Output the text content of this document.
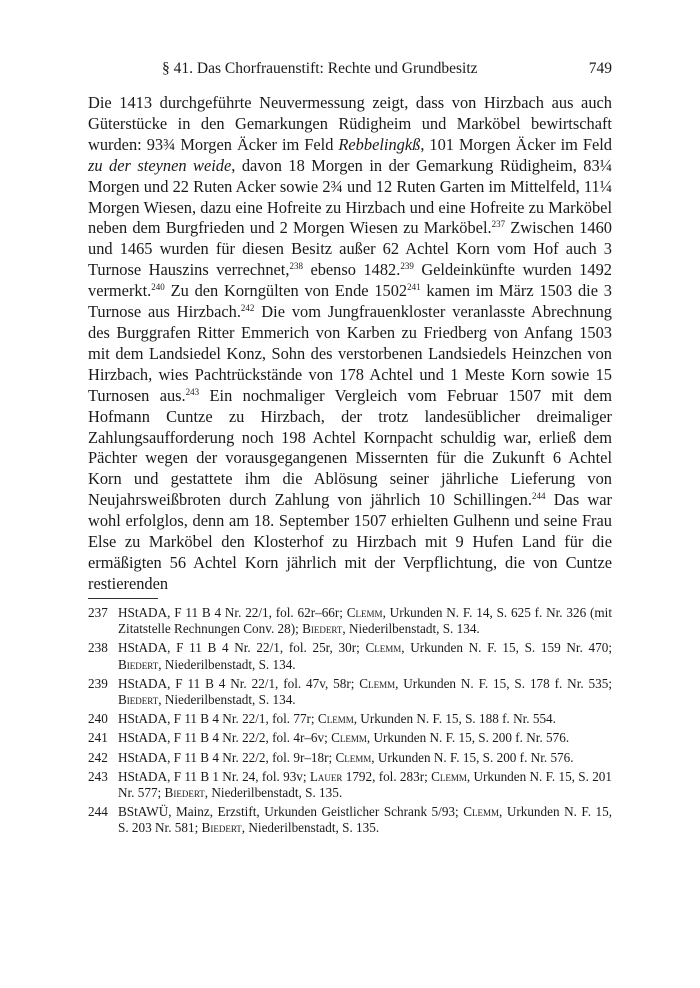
§ 41. Das Chorfrauenstift: Rechte und Grundbesitz	749

Die 1413 durchgeführte Neuvermessung zeigt, dass von Hirzbach aus auch Güterstücke in den Gemarkungen Rüdigheim und Marköbel bewirtschaft wurden: 93¾ Morgen Äcker im Feld Rebbelingkß, 101 Morgen Äcker im Feld zu der steynen weide, davon 18 Morgen in der Gemarkung Rüdigheim, 83¼ Morgen und 22 Ruten Acker sowie 2¾ und 12 Ruten Garten im Mittelfeld, 11¼ Morgen Wiesen, dazu eine Hofreite zu Hirzbach und eine Hofreite zu Marköbel neben dem Burgfrieden und 2 Morgen Wiesen zu Marköbel.$^{237}$ Zwischen 1460 und 1465 wurden für diesen Besitz außer 62 Achtel Korn vom Hof auch 3 Turnose Hauszins verrechnet,$^{238}$ ebenso 1482.$^{239}$ Geldeinkünfte wurden 1492 vermerkt.$^{240}$ Zu den Korngülten von Ende 1502$^{241}$ kamen im März 1503 die 3 Turnose aus Hirzbach.$^{242}$ Die vom Jungfrauenkloster veranlasste Abrechnung des Burggrafen Ritter Emmerich von Karben zu Friedberg von Anfang 1503 mit dem Landsiedel Konz, Sohn des verstorbenen Landsiedels Heinzchen von Hirzbach, wies Pachtrückstände von 178 Achtel und 1 Meste Korn sowie 15 Turnosen aus.$^{243}$ Ein nochmaliger Vergleich vom Februar 1507 mit dem Hofmann Cuntze zu Hirzbach, der trotz landesüblicher dreimaliger Zahlungsaufforderung noch 198 Achtel Kornpacht schuldig war, erließ dem Pächter wegen der vorausgegangenen Missernten für die Zukunft 6 Achtel Korn und gestattete ihm die Ablösung seiner jährliche Lieferung von Neujahrsweißbroten durch Zahlung von jährlich 10 Schillingen.$^{244}$ Das war wohl erfolglos, denn am 18. September 1507 erhielten Gulhenn und seine Frau Else zu Marköbel den Klosterhof zu Hirzbach mit 9 Hufen Land für die ermäßigten 56 Achtel Korn jährlich mit der Verpflichtung, die von Cuntze restierenden

237 HStADA, F 11 B 4 Nr. 22/1, fol. 62r–66r; Clemm, Urkunden N. F. 14, S. 625 f. Nr. 326 (mit Zitatstelle Rechnungen Conv. 28); Biedert, Niederilbenstadt, S. 134.
238 HStADA, F 11 B 4 Nr. 22/1, fol. 25r, 30r; Clemm, Urkunden N. F. 15, S. 159 Nr. 470; Biedert, Niederilbenstadt, S. 134.
239 HStADA, F 11 B 4 Nr. 22/1, fol. 47v, 58r; Clemm, Urkunden N. F. 15, S. 178 f. Nr. 535; Biedert, Niederilbenstadt, S. 134.
240 HStADA, F 11 B 4 Nr. 22/1, fol. 77r; Clemm, Urkunden N. F. 15, S. 188 f. Nr. 554.
241 HStADA, F 11 B 4 Nr. 22/2, fol. 4r–6v; Clemm, Urkunden N. F. 15, S. 200 f. Nr. 576.
242 HStADA, F 11 B 4 Nr. 22/2, fol. 9r–18r; Clemm, Urkunden N. F. 15, S. 200 f. Nr. 576.
243 HStADA, F 11 B 1 Nr. 24, fol. 93v; Lauer 1792, fol. 283r; Clemm, Urkunden N. F. 15, S. 201 Nr. 577; Biedert, Niederilbenstadt, S. 135.
244 BStAWÜ, Mainz, Erzstift, Urkunden Geistlicher Schrank 5/93; Clemm, Urkunden N. F. 15, S. 203 Nr. 581; Biedert, Niederilbenstadt, S. 135.
